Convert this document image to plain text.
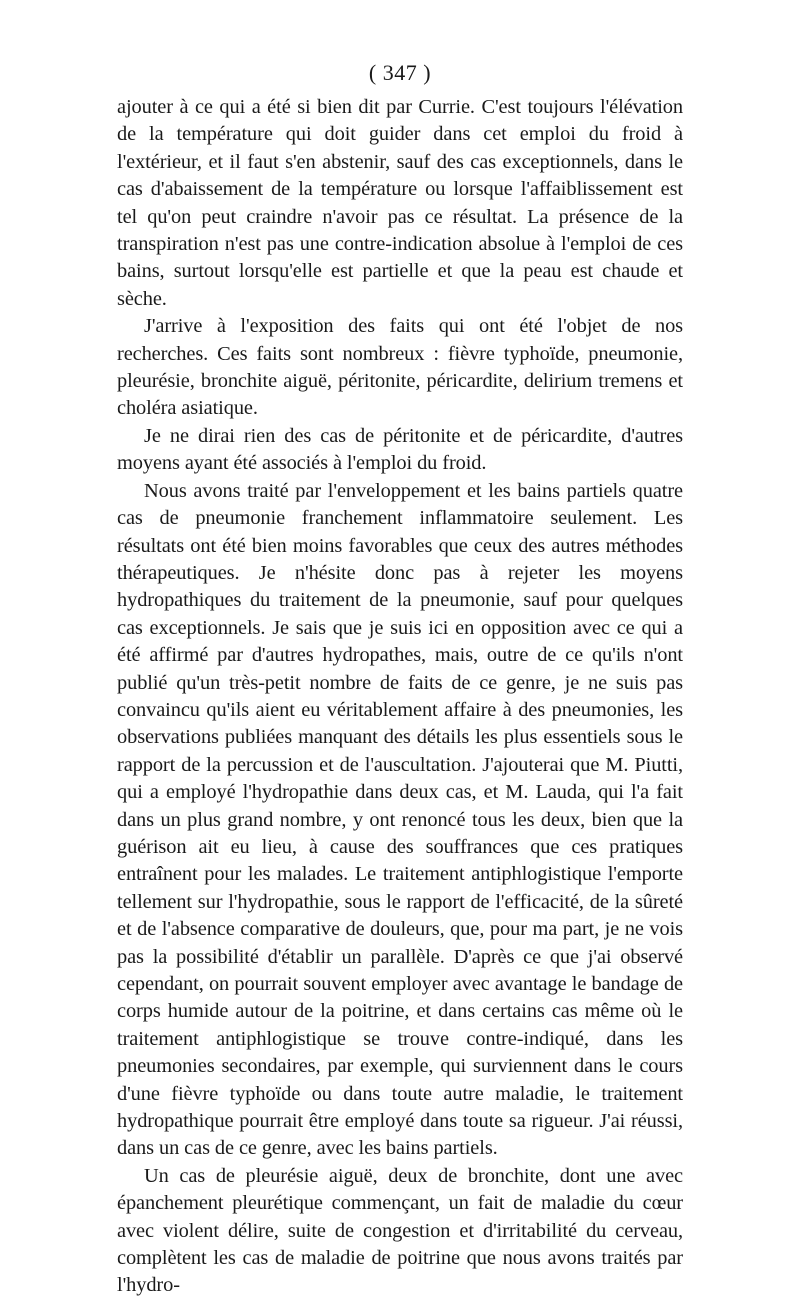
( 347 )

ajouter à ce qui a été si bien dit par Currie. C'est toujours l'élévation de la température qui doit guider dans cet emploi du froid à l'extérieur, et il faut s'en abstenir, sauf des cas exceptionnels, dans le cas d'abaissement de la température ou lorsque l'affaiblissement est tel qu'on peut craindre n'avoir pas ce résultat. La présence de la transpiration n'est pas une contre-indication absolue à l'emploi de ces bains, surtout lorsqu'elle est partielle et que la peau est chaude et sèche.

J'arrive à l'exposition des faits qui ont été l'objet de nos recherches. Ces faits sont nombreux : fièvre typhoïde, pneumonie, pleurésie, bronchite aiguë, péritonite, péricardite, delirium tremens et choléra asiatique.

Je ne dirai rien des cas de péritonite et de péricardite, d'autres moyens ayant été associés à l'emploi du froid.

Nous avons traité par l'enveloppement et les bains partiels quatre cas de pneumonie franchement inflammatoire seulement. Les résultats ont été bien moins favorables que ceux des autres méthodes thérapeutiques. Je n'hésite donc pas à rejeter les moyens hydropathiques du traitement de la pneumonie, sauf pour quelques cas exceptionnels. Je sais que je suis ici en opposition avec ce qui a été affirmé par d'autres hydropathes, mais, outre de ce qu'ils n'ont publié qu'un très-petit nombre de faits de ce genre, je ne suis pas convaincu qu'ils aient eu véritablement affaire à des pneumonies, les observations publiées manquant des détails les plus essentiels sous le rapport de la percussion et de l'auscultation. J'ajouterai que M. Piutti, qui a employé l'hydropathie dans deux cas, et M. Lauda, qui l'a fait dans un plus grand nombre, y ont renoncé tous les deux, bien que la guérison ait eu lieu, à cause des souffrances que ces pratiques entraînent pour les malades. Le traitement antiphlogistique l'emporte tellement sur l'hydropathie, sous le rapport de l'efficacité, de la sûreté et de l'absence comparative de douleurs, que, pour ma part, je ne vois pas la possibilité d'établir un parallèle. D'après ce que j'ai observé cependant, on pourrait souvent employer avec avantage le bandage de corps humide autour de la poitrine, et dans certains cas même où le traitement antiphlogistique se trouve contre-indiqué, dans les pneumonies secondaires, par exemple, qui surviennent dans le cours d'une fièvre typhoïde ou dans toute autre maladie, le traitement hydropathique pourrait être employé dans toute sa rigueur. J'ai réussi, dans un cas de ce genre, avec les bains partiels.

Un cas de pleurésie aiguë, deux de bronchite, dont une avec épanchement pleurétique commençant, un fait de maladie du cœur avec violent délire, suite de congestion et d'irritabilité du cerveau, complètent les cas de maladie de poitrine que nous avons traités par l'hydro-
